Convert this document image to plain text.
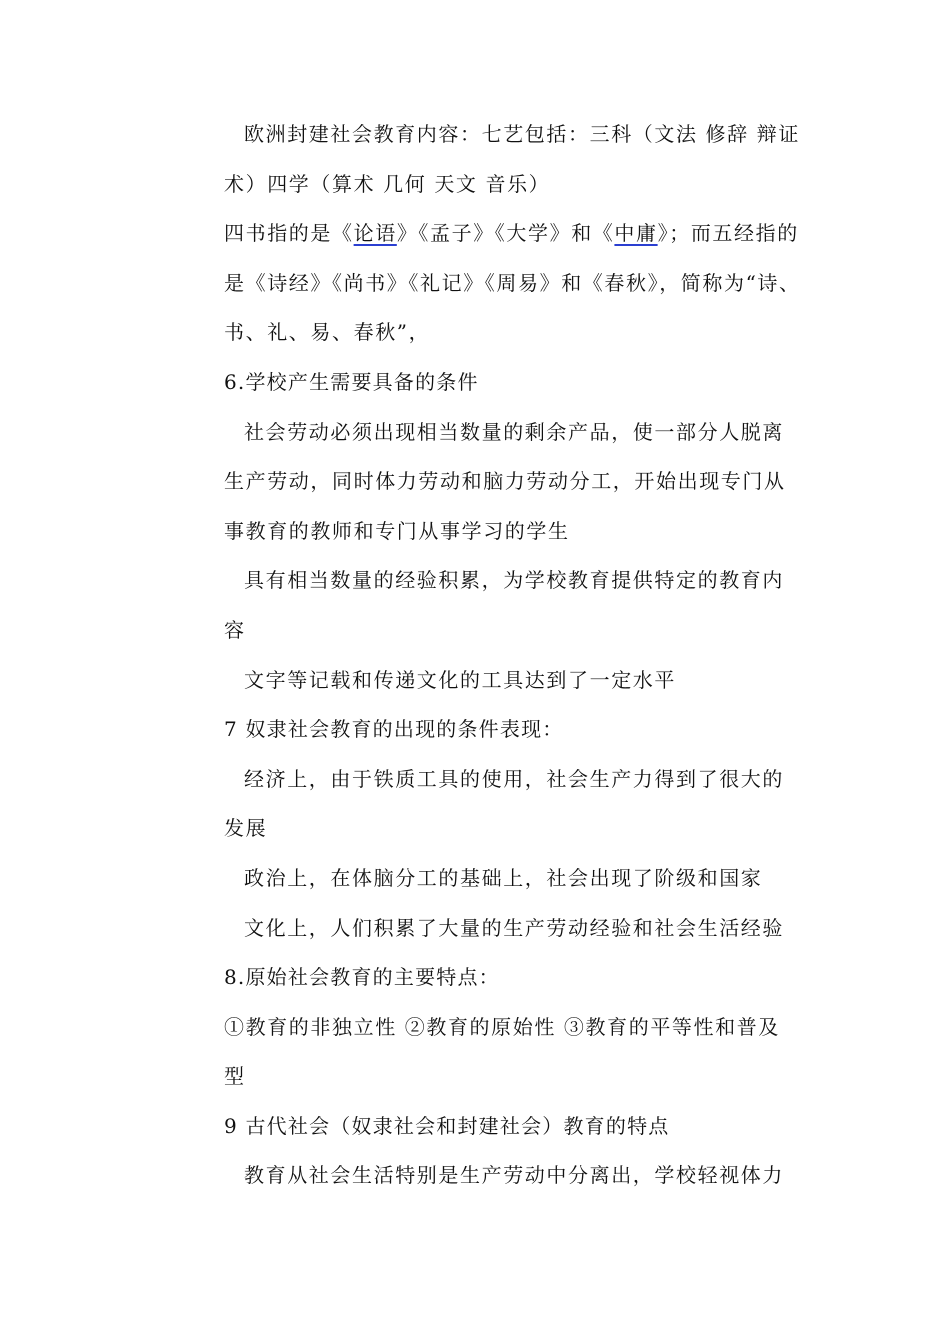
欧洲封建社会教育内容：七艺包括：三科（文法 修辞 辩证
术）四学（算术 几何 天文 音乐）
四书指的是《论语》《孟子》《大学》和《中庸》；而五经指的
是《诗经》《尚书》《礼记》《周易》和《春秋》，简称为“诗、
书、礼、易、春秋”，
6.学校产生需要具备的条件
社会劳动必须出现相当数量的剩余产品，使一部分人脱离
生产劳动，同时体力劳动和脑力劳动分工，开始出现专门从
事教育的教师和专门从事学习的学生
具有相当数量的经验积累，为学校教育提供特定的教育内
容
文字等记载和传递文化的工具达到了一定水平
7 奴隶社会教育的出现的条件表现：
经济上，由于铁质工具的使用，社会生产力得到了很大的
发展
政治上，在体脑分工的基础上，社会出现了阶级和国家
文化上，人们积累了大量的生产劳动经验和社会生活经验
8.原始社会教育的主要特点：
①教育的非独立性 ②教育的原始性 ③教育的平等性和普及
型
9 古代社会（奴隶社会和封建社会）教育的特点
教育从社会生活特别是生产劳动中分离出，学校轻视体力
